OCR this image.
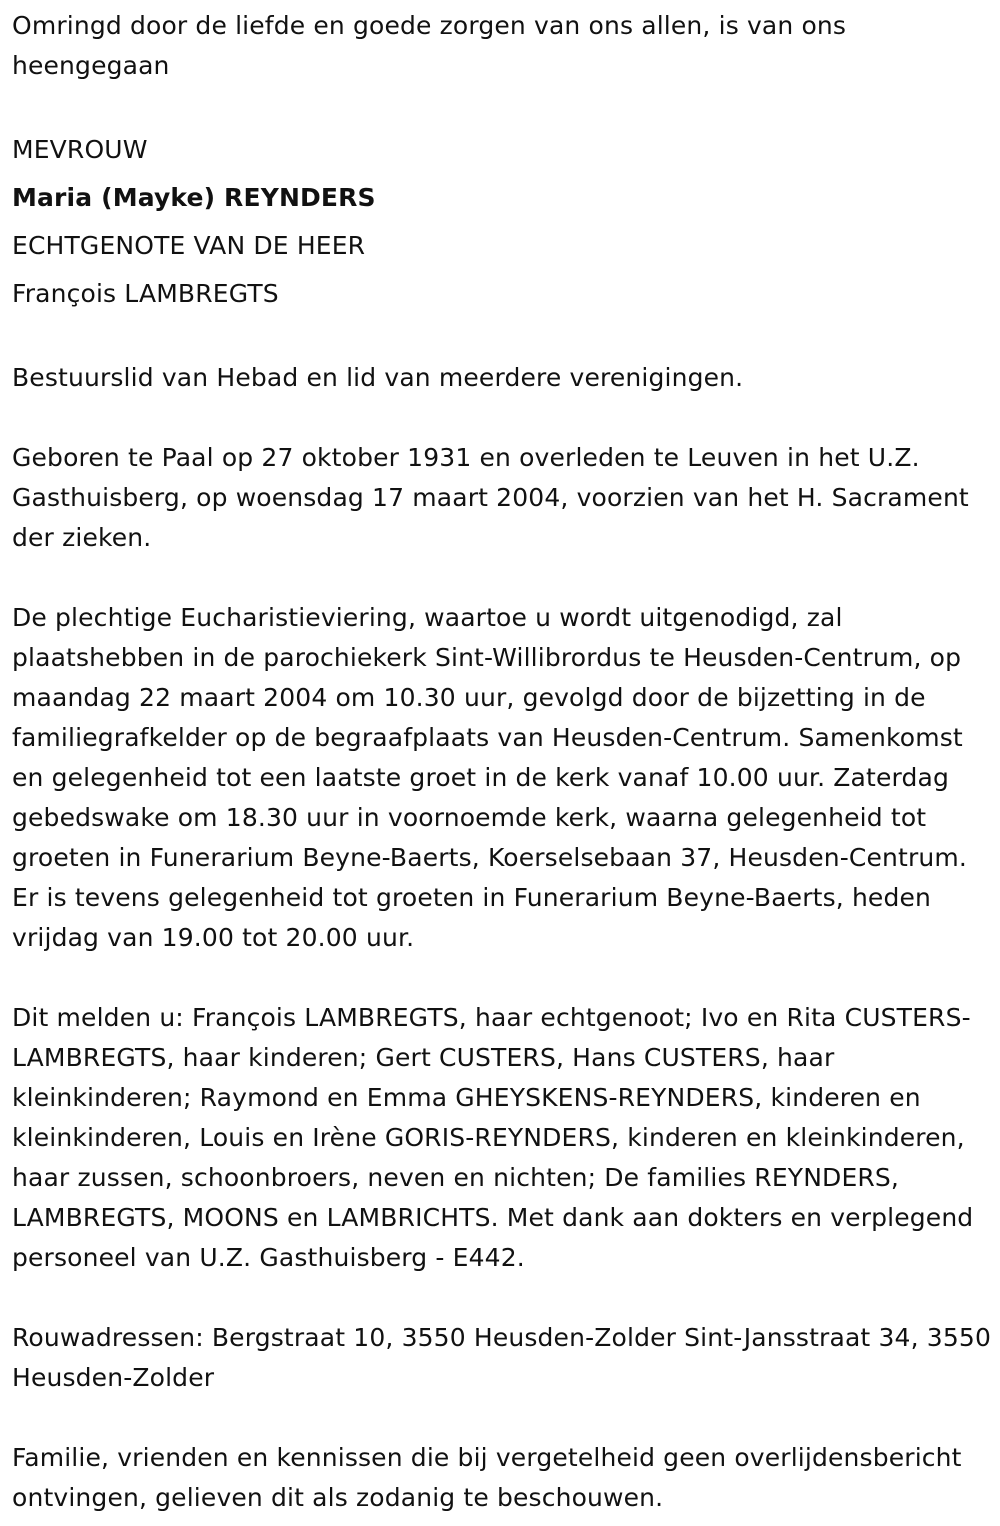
Omringd door de liefde en goede zorgen van ons allen, is van ons heengegaan

MEVROUW
Maria (Mayke) REYNDERS
ECHTGENOTE VAN DE HEER
François LAMBREGTS

Bestuurslid van Hebad en lid van meerdere verenigingen.

Geboren te Paal op 27 oktober 1931 en overleden te Leuven in het U.Z. Gasthuisberg, op woensdag 17 maart 2004, voorzien van het H. Sacrament der zieken.

De plechtige Eucharistieviering, waartoe u wordt uitgenodigd, zal plaatshebben in de parochiekerk Sint-Willibrordus te Heusden-Centrum, op maandag 22 maart 2004 om 10.30 uur, gevolgd door de bijzetting in de familiegrafkelder op de begraafplaats van Heusden-Centrum. Samenkomst en gelegenheid tot een laatste groet in de kerk vanaf 10.00 uur. Zaterdag gebedswake om 18.30 uur in voornoemde kerk, waarna gelegenheid tot groeten in Funerarium Beyne-Baerts, Koerselsebaan 37, Heusden-Centrum. Er is tevens gelegenheid tot groeten in Funerarium Beyne-Baerts, heden vrijdag van 19.00 tot 20.00 uur.

Dit melden u: François LAMBREGTS, haar echtgenoot; Ivo en Rita CUSTERS-LAMBREGTS, haar kinderen; Gert CUSTERS, Hans CUSTERS, haar kleinkinderen; Raymond en Emma GHEYSKENS-REYNDERS, kinderen en kleinkinderen, Louis en Irène GORIS-REYNDERS, kinderen en kleinkinderen, haar zussen, schoonbroers, neven en nichten; De families REYNDERS, LAMBREGTS, MOONS en LAMBRICHTS. Met dank aan dokters en verplegend personeel van U.Z. Gasthuisberg - E442.

Rouwadressen: Bergstraat 10, 3550 Heusden-Zolder Sint-Jansstraat 34, 3550 Heusden-Zolder

Familie, vrienden en kennissen die bij vergetelheid geen overlijdensbericht ontvingen, gelieven dit als zodanig te beschouwen.
